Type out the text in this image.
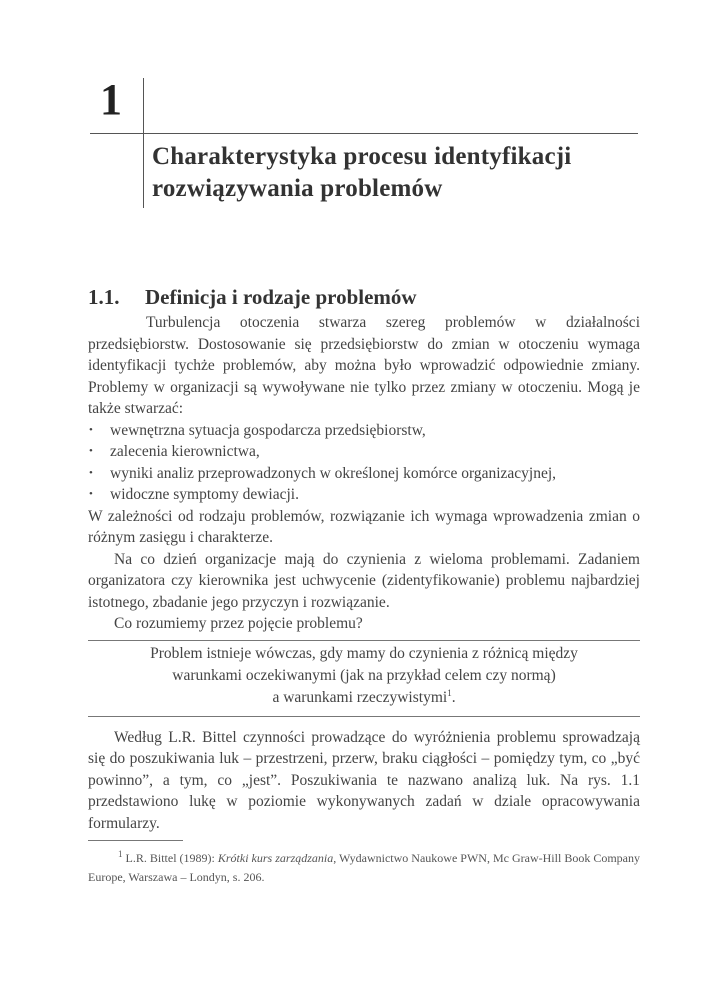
1
Charakterystyka procesu identyfikacji
rozwiązywania problemów
1.1. Definicja i rodzaje problemów

Turbulencja otoczenia stwarza szereg problemów w działalności przedsiębiorstw. Dostosowanie się przedsiębiorstw do zmian w otoczeniu wymaga identyfikacji tychże problemów, aby można było wprowadzić odpowiednie zmiany. Problemy w organizacji są wywoływane nie tylko przez zmiany w otoczeniu. Mogą je także stwarzać:

• wewnętrzna sytuacja gospodarcza przedsiębiorstw,
• zalecenia kierownictwa,
• wyniki analiz przeprowadzonych w określonej komórce organizacyjnej,
• widoczne symptomy dewiacji.

W zależności od rodzaju problemów, rozwiązanie ich wymaga wprowadzenia zmian o różnym zasięgu i charakterze.

Na co dzień organizacje mają do czynienia z wieloma problemami. Zadaniem organizatora czy kierownika jest uchwycenie (zidentyfikowanie) problemu najbardziej istotnego, zbadanie jego przyczyn i rozwiązanie.

Co rozumiemy przez pojęcie problemu?

Problem istnieje wówczas, gdy mamy do czynienia z różnicą między

warunkami oczekiwanymi (jak na przykład celem czy normą)

a warunkami rzeczywistymi$^1$.

Według L.R. Bittel czynności prowadzące do wyróżnienia problemu sprowadzają się do poszukiwania luk – przestrzeni, przerw, braku ciągłości – pomiędzy tym, co „być powinno”, a tym, co „jest”. Poszukiwania te nazwano analizą luk. Na rys. 1.1 przedstawiono lukę w poziomie wykonywanych zadań w dziale opracowywania formularzy.

$^1$ L.R. Bittel (1989): Krótki kurs zarządzania, Wydawnictwo Naukowe PWN, Mc Graw-Hill Book Company Europe, Warszawa – Londyn, s. 206.
